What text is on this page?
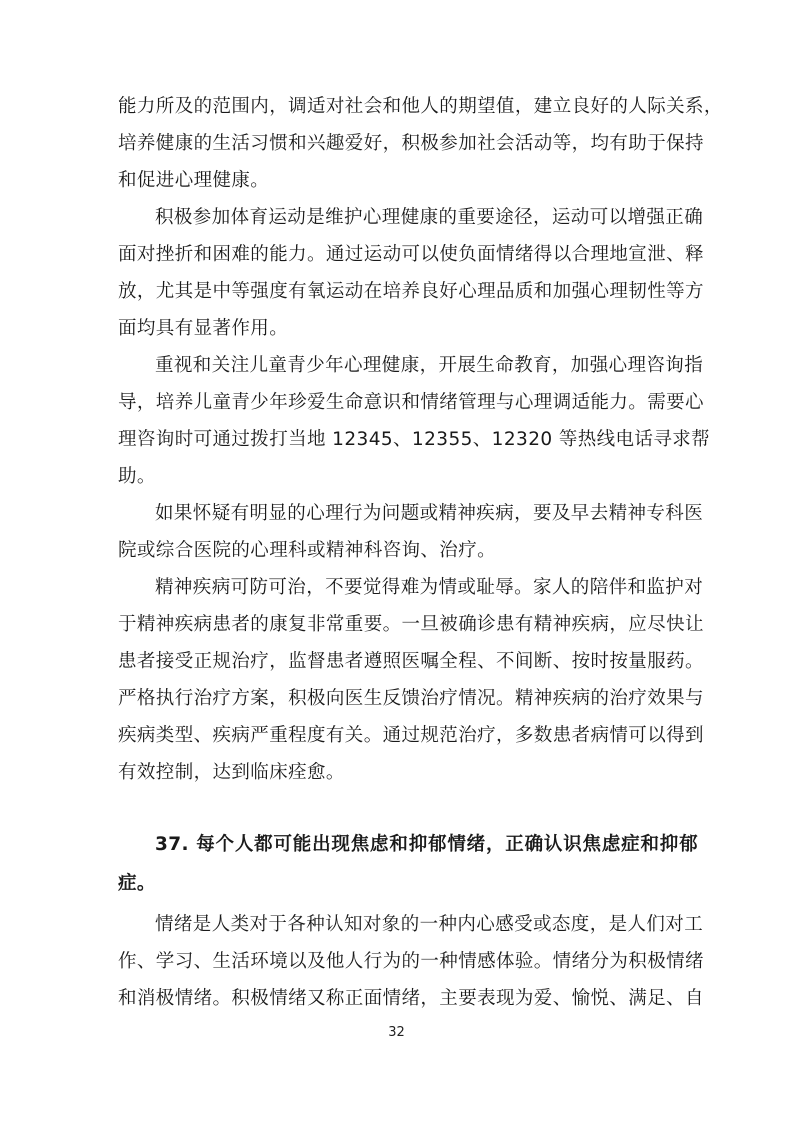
能力所及的范围内，调适对社会和他人的期望值，建立良好的人际关系，
培养健康的生活习惯和兴趣爱好，积极参加社会活动等，均有助于保持
和促进心理健康。
积极参加体育运动是维护心理健康的重要途径，运动可以增强正确
面对挫折和困难的能力。通过运动可以使负面情绪得以合理地宣泄、释
放，尤其是中等强度有氧运动在培养良好心理品质和加强心理韧性等方
面均具有显著作用。
重视和关注儿童青少年心理健康，开展生命教育，加强心理咨询指
导，培养儿童青少年珍爱生命意识和情绪管理与心理调适能力。需要心
理咨询时可通过拨打当地 12345、12355、12320 等热线电话寻求帮
助。
如果怀疑有明显的心理行为问题或精神疾病，要及早去精神专科医
院或综合医院的心理科或精神科咨询、治疗。
精神疾病可防可治，不要觉得难为情或耻辱。家人的陪伴和监护对
于精神疾病患者的康复非常重要。一旦被确诊患有精神疾病，应尽快让
患者接受正规治疗，监督患者遵照医嘱全程、不间断、按时按量服药。
严格执行治疗方案，积极向医生反馈治疗情况。精神疾病的治疗效果与
疾病类型、疾病严重程度有关。通过规范治疗，多数患者病情可以得到
有效控制，达到临床痊愈。
37. 每个人都可能出现焦虑和抑郁情绪，正确认识焦虑症和抑郁
症。
情绪是人类对于各种认知对象的一种内心感受或态度，是人们对工
作、学习、生活环境以及他人行为的一种情感体验。情绪分为积极情绪
和消极情绪。积极情绪又称正面情绪，主要表现为爱、愉悦、满足、自
32
